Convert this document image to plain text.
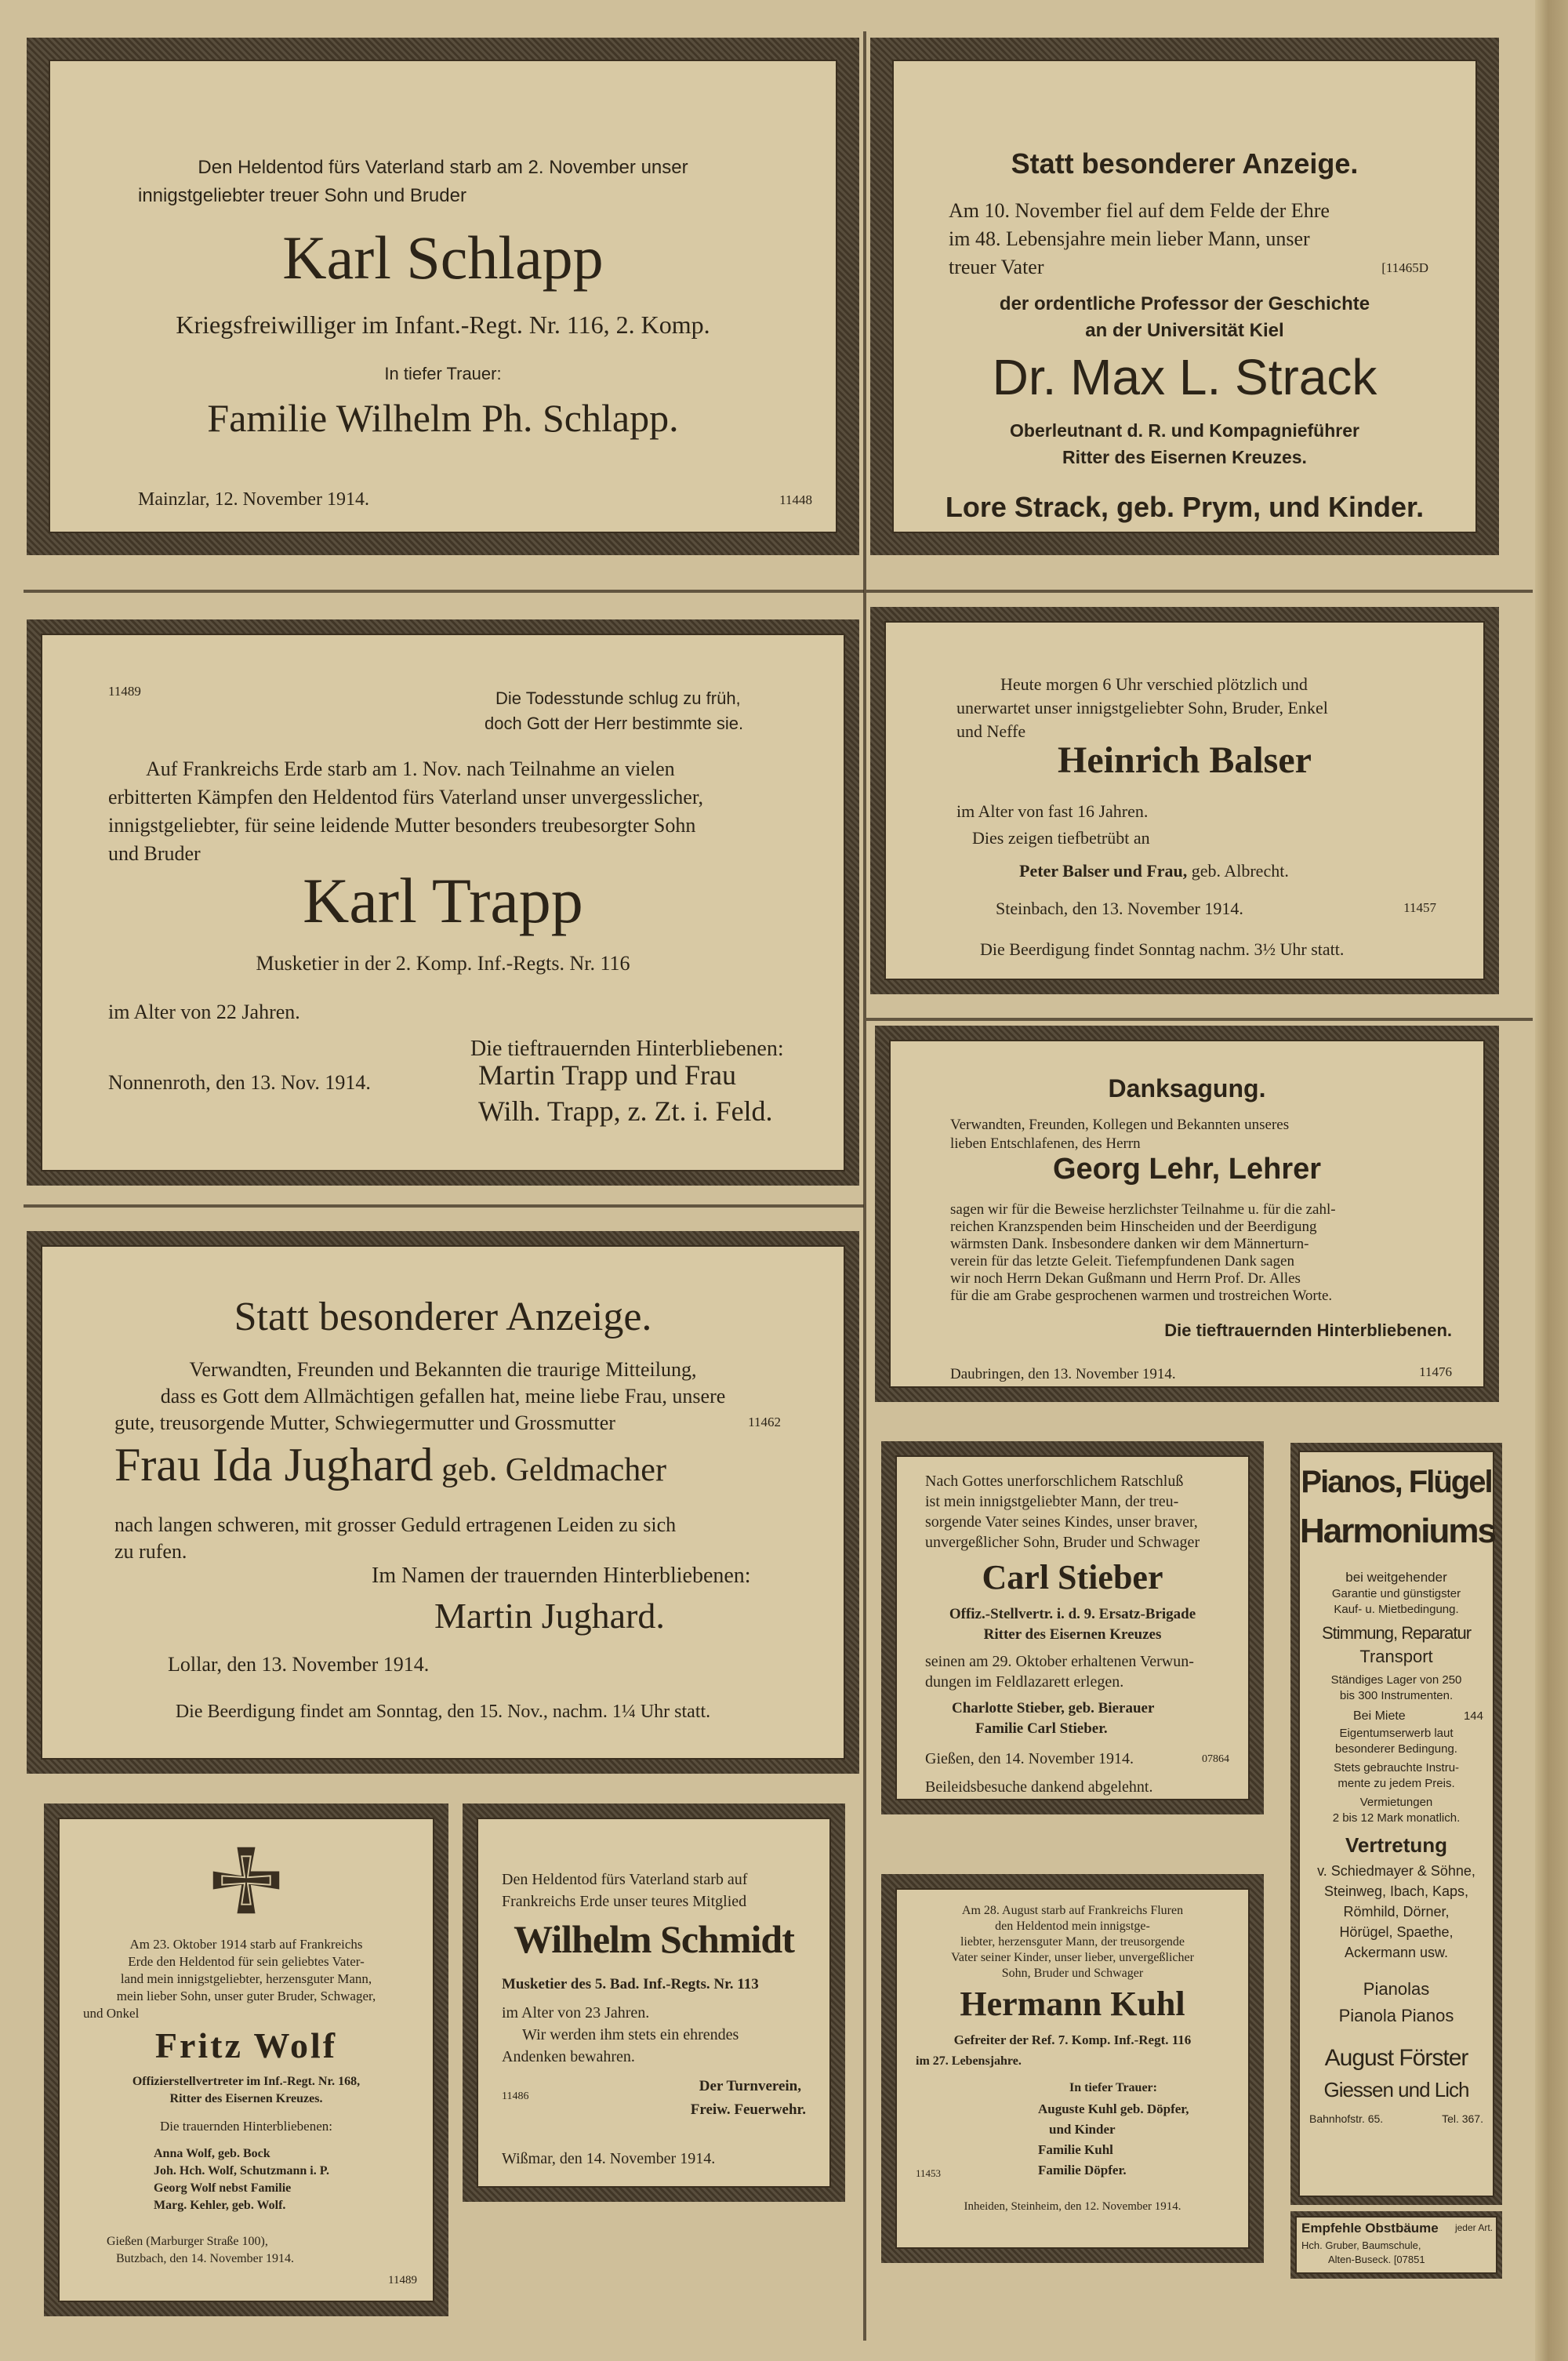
Den Heldentod fürs Vaterland starb am 2. November unser
innigstgeliebter treuer Sohn und Bruder
Karl Schlapp
Kriegsfreiwilliger im Infant.-Regt. Nr. 116, 2. Komp.
In tiefer Trauer:
Familie Wilhelm Ph. Schlapp.
Mainzlar, 12. November 1914.	11448
Statt besonderer Anzeige.
Am 10. November fiel auf dem Felde der Ehre
im 48. Lebensjahre mein lieber Mann, unser
treuer Vater	[11465D
der ordentliche Professor der Geschichte
an der Universität Kiel
Dr. Max L. Strack
Oberleutnant d. R. und Kompagnieführer
Ritter des Eisernen Kreuzes.
Lore Strack, geb. Prym, und Kinder.
11489	Die Todesstunde schlug zu früh,
doch Gott der Herr bestimmte sie.
Auf Frankreichs Erde starb am 1. Nov. nach Teilnahme an vielen
erbitterten Kämpfen den Heldentod fürs Vaterland unser unvergesslicher,
innigstgeliebter, für seine leidende Mutter besonders treubesorgter Sohn
und Bruder
Karl Trapp
Musketier in der 2. Komp. Inf.-Regts. Nr. 116
im Alter von 22 Jahren.
Die tieftrauernden Hinterbliebenen:
Nonnenroth, den 13. Nov. 1914.	Martin Trapp und Frau
Wilh. Trapp, z. Zt. i. Feld.
Heute morgen 6 Uhr verschied plötzlich und
unerwartet unser innigstgeliebter Sohn, Bruder, Enkel
und Neffe
Heinrich Balser
im Alter von fast 16 Jahren.
Dies zeigen tiefbetrübt an
Peter Balser und Frau, geb. Albrecht.
Steinbach, den 13. November 1914.	11457
Die Beerdigung findet Sonntag nachm. 3½ Uhr statt.
Danksagung.
Verwandten, Freunden, Kollegen und Bekannten unseres
lieben Entschlafenen, des Herrn
Georg Lehr, Lehrer
sagen wir für die Beweise herzlichster Teilnahme u. für die zahl-
reichen Kranzspenden beim Hinscheiden und der Beerdigung
wärmsten Dank. Insbesondere danken wir dem Männerturn-
verein für das letzte Geleit. Tiefempfundenen Dank sagen
wir noch Herrn Dekan Gußmann und Herrn Prof. Dr. Alles
für die am Grabe gesprochenen warmen und trostreichen Worte.
Die tieftrauernden Hinterbliebenen.
Daubringen, den 13. November 1914.	11476
Statt besonderer Anzeige.
Verwandten, Freunden und Bekannten die traurige Mitteilung,
dass es Gott dem Allmächtigen gefallen hat, meine liebe Frau, unsere
gute, treusorgende Mutter, Schwiegermutter und Grossmutter	11462
Frau Ida Jughard geb. Geldmacher
nach langen schweren, mit grosser Geduld ertragenen Leiden zu sich
zu rufen.
Im Namen der trauernden Hinterbliebenen:
Martin Jughard.
Lollar, den 13. November 1914.
Die Beerdigung findet am Sonntag, den 15. Nov., nachm. 1¼ Uhr statt.
Nach Gottes unerforschlichem Ratschluß
ist mein innigstgeliebter Mann, der treu-
sorgende Vater seines Kindes, unser braver,
unvergeßlicher Sohn, Bruder und Schwager
Carl Stieber
Offiz.-Stellvertr. i. d. 9. Ersatz-Brigade
Ritter des Eisernen Kreuzes
seinen am 29. Oktober erhaltenen Verwun-
dungen im Feldlazarett erlegen.
Charlotte Stieber, geb. Bierauer
Familie Carl Stieber.
Gießen, den 14. November 1914.	07864
Beileidsbesuche dankend abgelehnt.
Pianos, Flügel
Harmoniums
bei weitgehender
Garantie und günstigster
Kauf- u. Mietbedingung.
Stimmung, Reparatur
Transport
Ständiges Lager von 250
bis 300 Instrumenten.
Bei Miete	144
Eigentumserwerb laut
besonderer Bedingung.
Stets gebrauchte Instru-
mente zu jedem Preis.
Vermietungen
2 bis 12 Mark monatlich.
Vertretung
v. Schiedmayer & Söhne,
Steinweg, Ibach, Kaps,
Römhild, Dörner,
Hörügel, Spaethe,
Ackermann usw.
Pianolas
Pianola Pianos
August Förster
Giessen und Lich
Bahnhofstr. 65.	Tel. 367.
Empfehle Obstbäume jeder Art.
Hch. Gruber, Baumschule,
Alten-Buseck. [07851
Am 23. Oktober 1914 starb auf Frankreichs
Erde den Heldentod für sein geliebtes Vater-
land mein innigstgeliebter, herzensguter Mann,
mein lieber Sohn, unser guter Bruder, Schwager,
und Onkel
Fritz Wolf
Offizierstellvertreter im Inf.-Regt. Nr. 168,
Ritter des Eisernen Kreuzes.
Die trauernden Hinterbliebenen:
Anna Wolf, geb. Bock
Joh. Hch. Wolf, Schutzmann i. P.
Georg Wolf nebst Familie
Marg. Kehler, geb. Wolf.
Gießen (Marburger Straße 100),
Butzbach, den 14. November 1914.
11489
Den Heldentod fürs Vaterland starb auf
Frankreichs Erde unser teures Mitglied
Wilhelm Schmidt
Musketier des 5. Bad. Inf.-Regts. Nr. 113
im Alter von 23 Jahren.
Wir werden ihm stets ein ehrendes
Andenken bewahren.
11486
Der Turnverein,
Freiw. Feuerwehr.
Wißmar, den 14. November 1914.
Am 28. August starb auf Frankreichs Fluren
den Heldentod mein innigstge-
liebter, herzensguter Mann, der treusorgende
Vater seiner Kinder, unser lieber, unvergeßlicher
Sohn, Bruder und Schwager
Hermann Kuhl
Gefreiter der Ref. 7. Komp. Inf.-Regt. 116
im 27. Lebensjahre.
In tiefer Trauer:
Auguste Kuhl geb. Döpfer,
und Kinder
Familie Kuhl
Familie Döpfer.
11453
Inheiden, Steinheim, den 12. November 1914.
